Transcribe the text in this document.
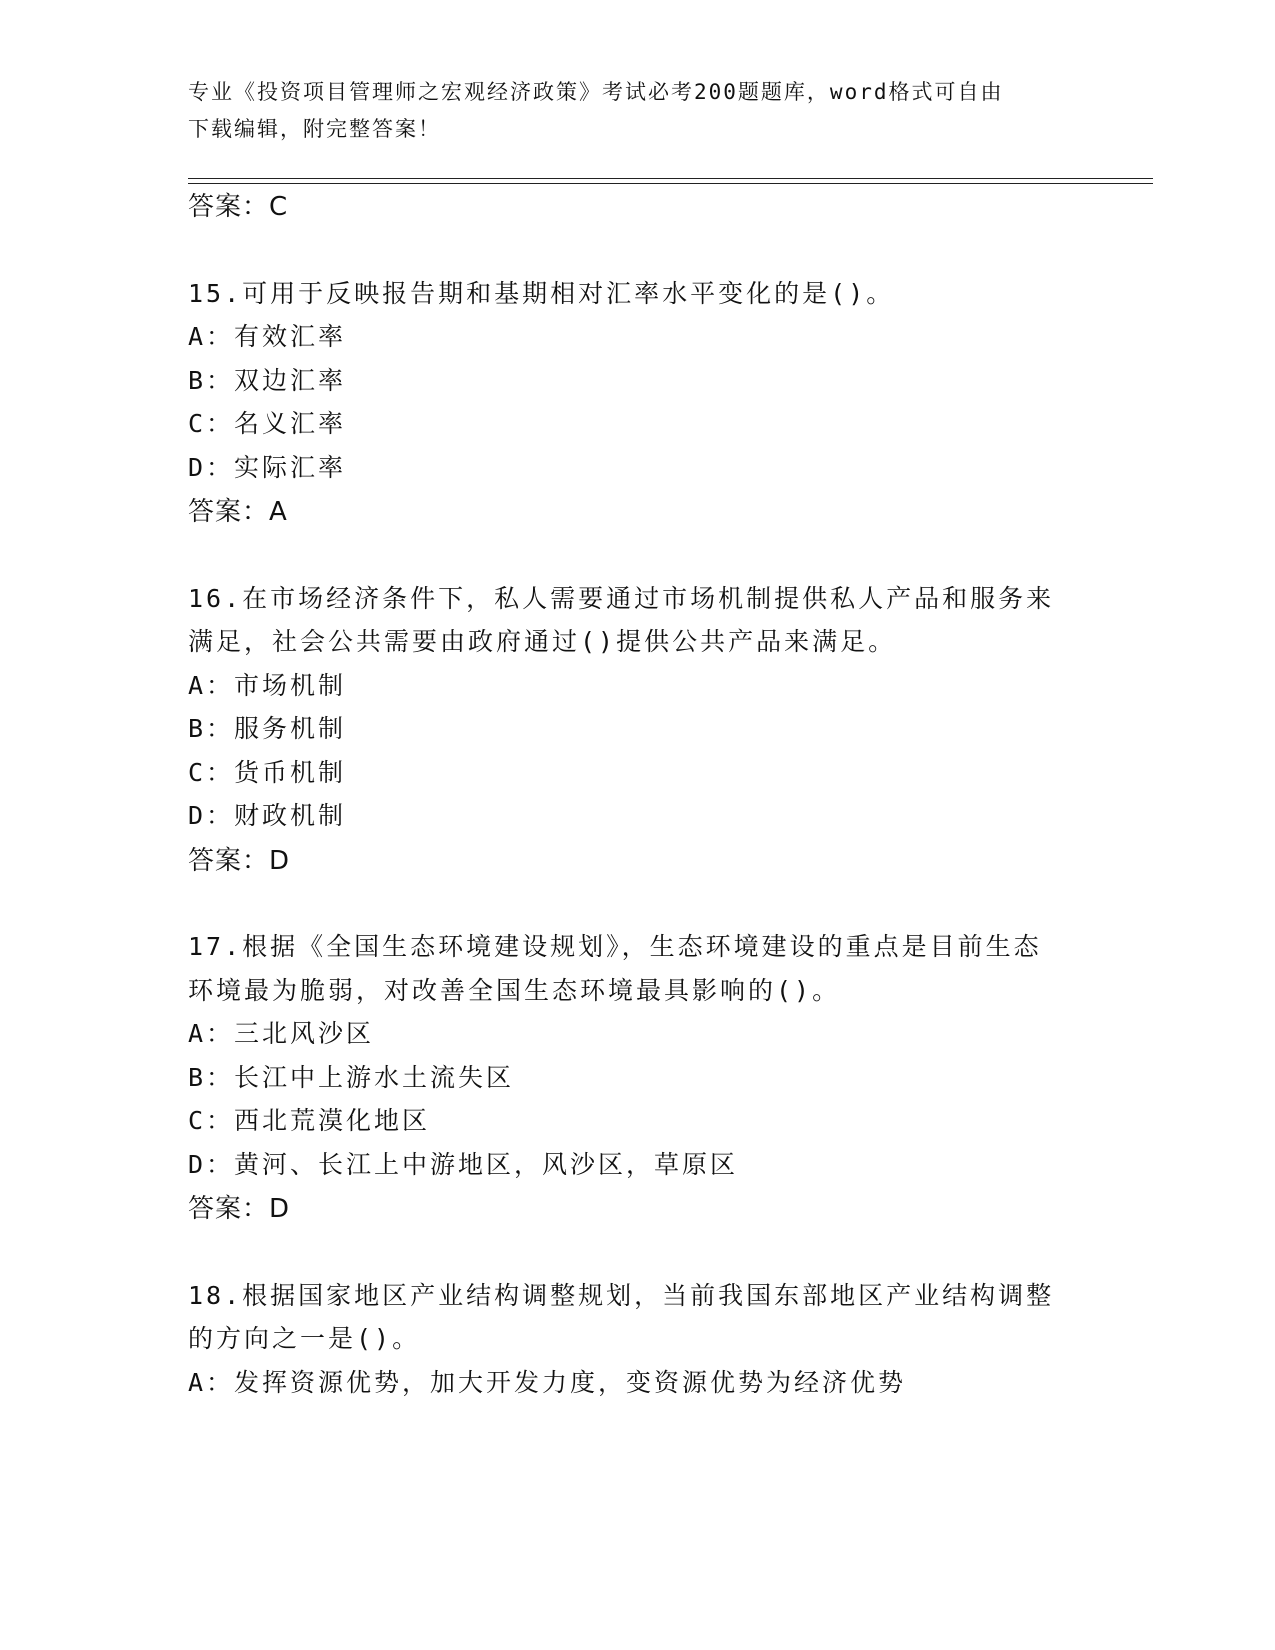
专业《投资项目管理师之宏观经济政策》考试必考200题题库，word格式可自由
下载编辑，附完整答案！
答案：C
15.可用于反映报告期和基期相对汇率水平变化的是()。
A：有效汇率
B：双边汇率
C：名义汇率
D：实际汇率
答案：A
16.在市场经济条件下，私人需要通过市场机制提供私人产品和服务来
满足，社会公共需要由政府通过()提供公共产品来满足。
A：市场机制
B：服务机制
C：货币机制
D：财政机制
答案：D
17.根据《全国生态环境建设规划》，生态环境建设的重点是目前生态
环境最为脆弱，对改善全国生态环境最具影响的()。
A：三北风沙区
B：长江中上游水土流失区
C：西北荒漠化地区
D：黄河、长江上中游地区，风沙区，草原区
答案：D
18.根据国家地区产业结构调整规划，当前我国东部地区产业结构调整
的方向之一是()。
A：发挥资源优势，加大开发力度，变资源优势为经济优势
